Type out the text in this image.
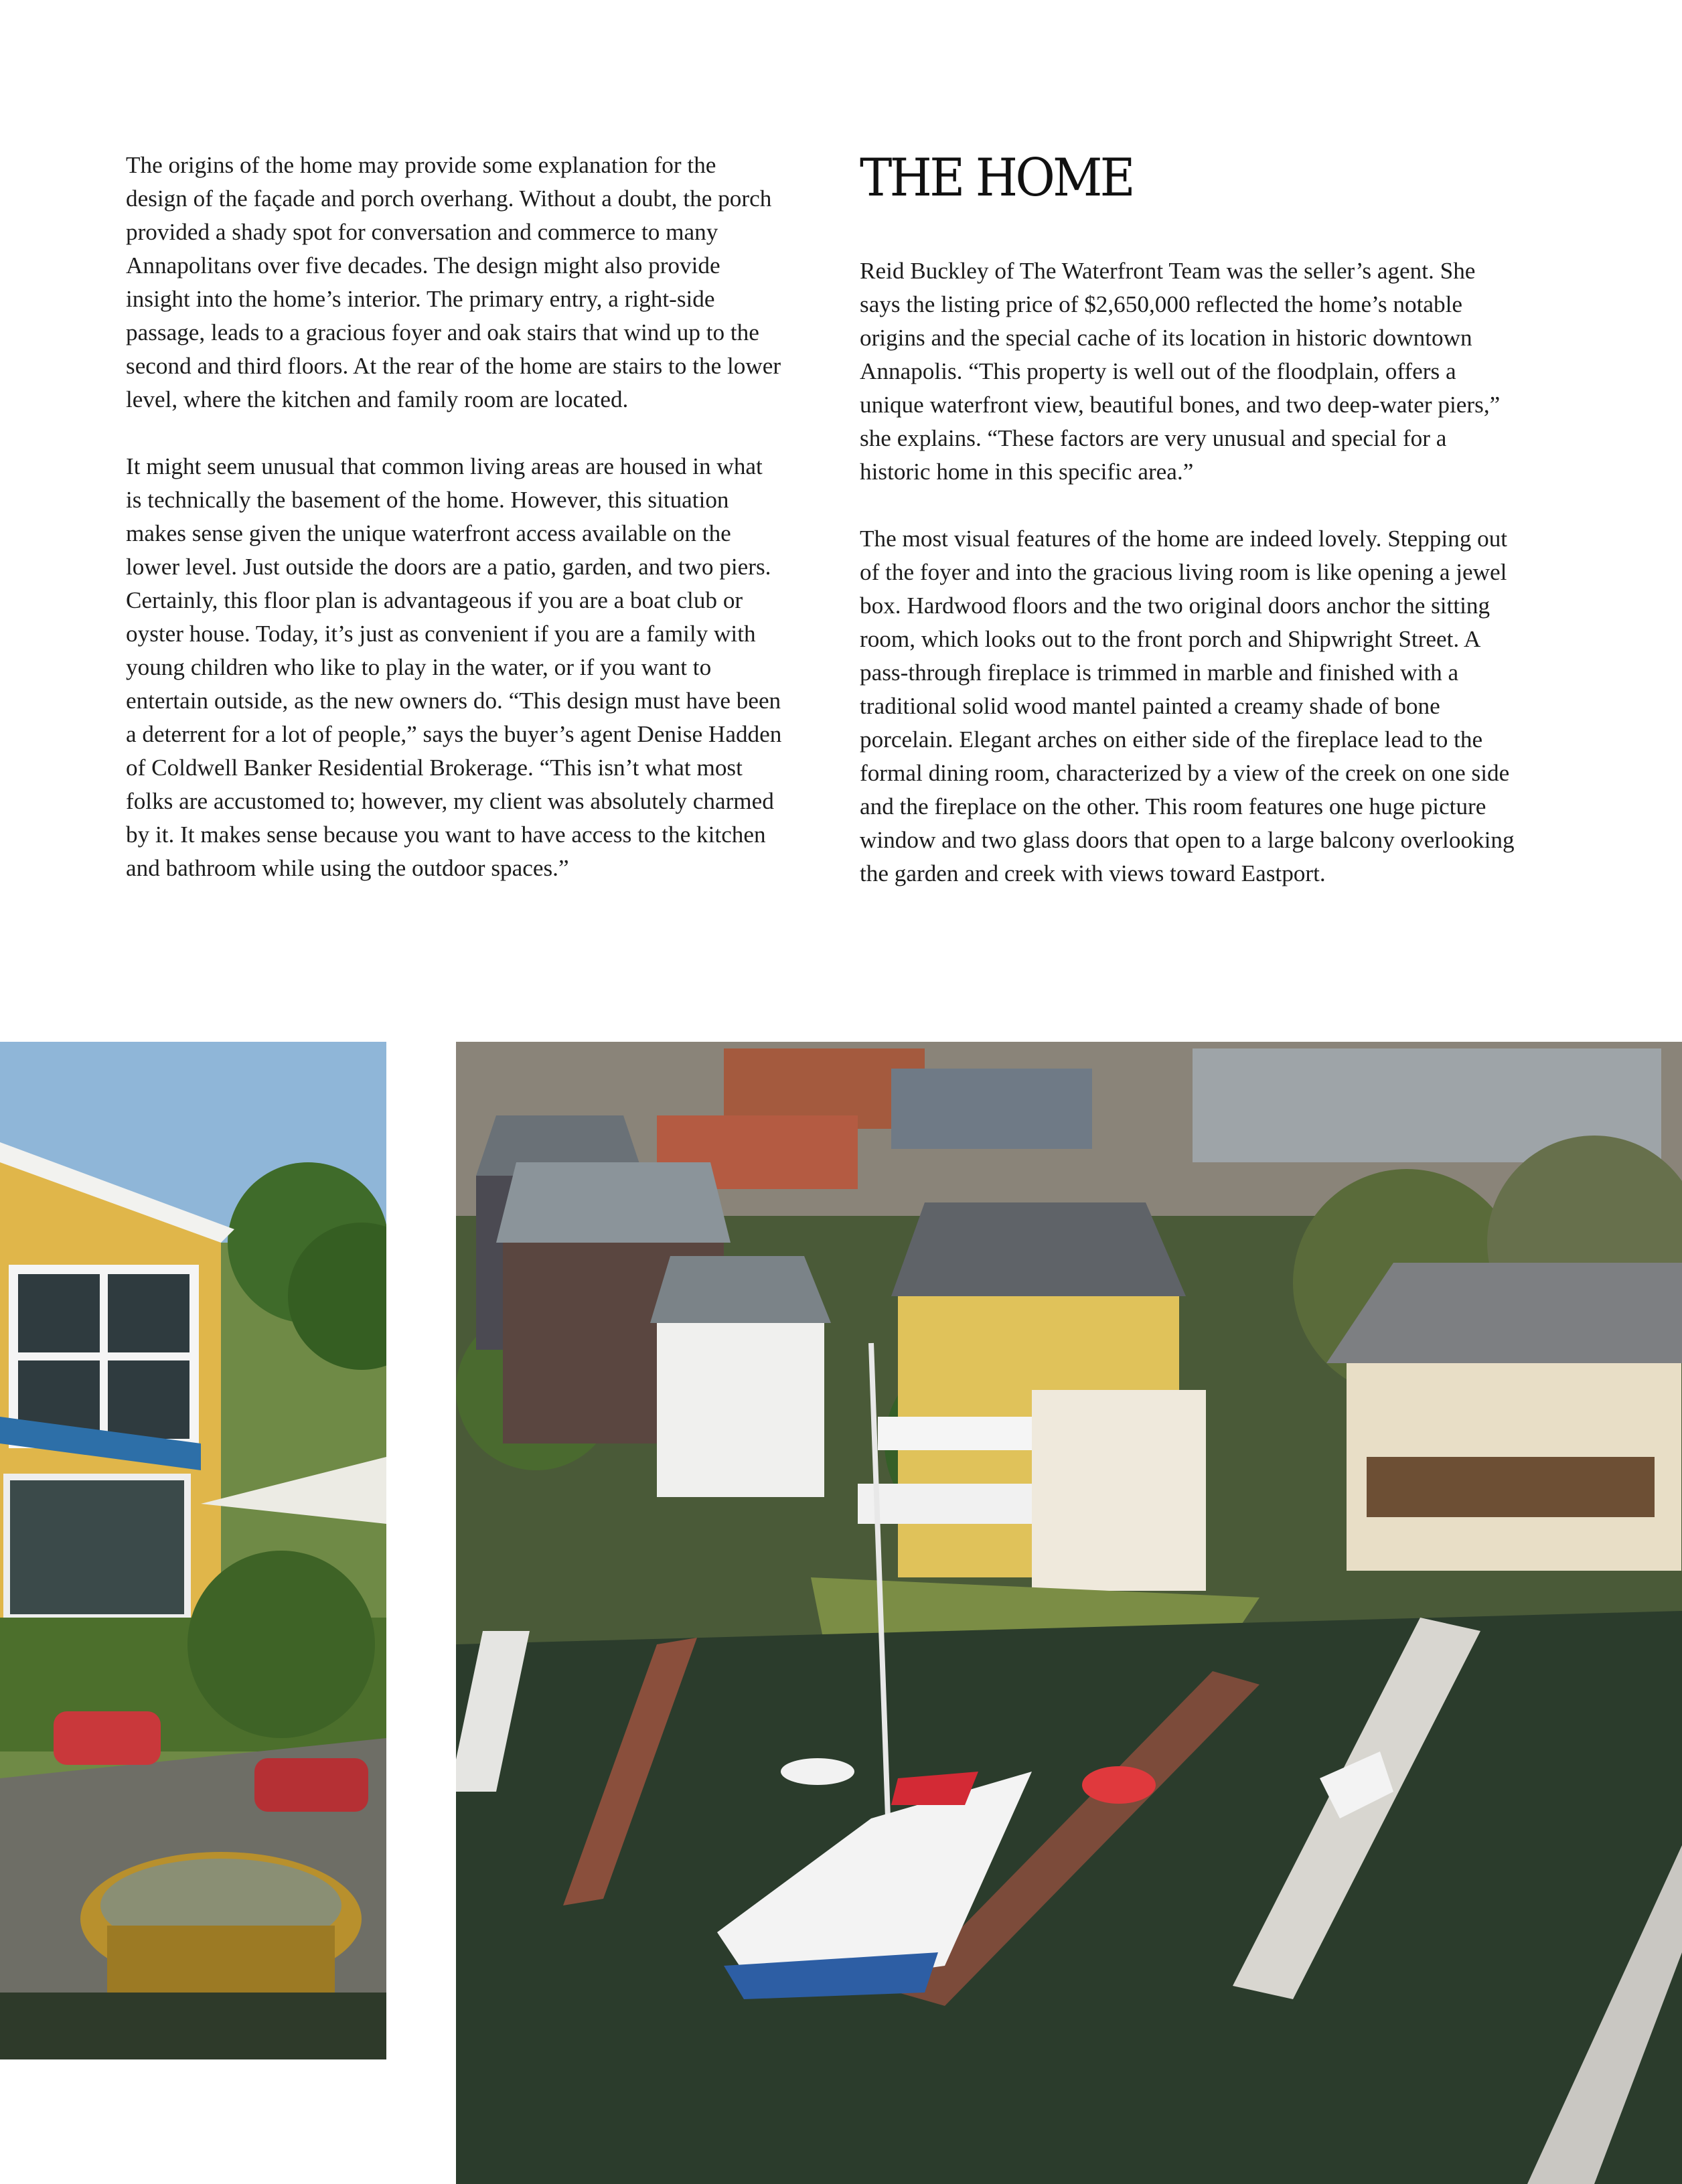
The origins of the home may provide some explanation for the design of the façade and porch overhang. Without a doubt, the porch provided a shady spot for conversation and commerce to many Annapolitans over five decades. The design might also provide insight into the home’s interior. The primary entry, a right-side passage, leads to a gracious foyer and oak stairs that wind up to the second and third floors. At the rear of the home are stairs to the lower level, where the kitchen and family room are located.

It might seem unusual that common living areas are housed in what is technically the basement of the home. However, this situation makes sense given the unique waterfront access available on the lower level. Just outside the doors are a patio, garden, and two piers. Certainly, this floor plan is advantageous if you are a boat club or oyster house. Today, it’s just as convenient if you are a family with young children who like to play in the water, or if you want to entertain outside, as the new owners do. “This design must have been a deterrent for a lot of people,” says the buyer’s agent Denise Hadden of Coldwell Banker Residential Brokerage. “This isn’t what most folks are accustomed to; however, my client was absolutely charmed by it. It makes sense because you want to have access to the kitchen and bathroom while using the outdoor spaces.”

THE HOME

Reid Buckley of The Waterfront Team was the seller’s agent. She says the listing price of $2,650,000 reflected the home’s notable origins and the special cache of its location in historic downtown Annapolis. “This property is well out of the floodplain, offers a unique waterfront view, beautiful bones, and two deep-water piers,” she explains. “These factors are very unusual and special for a historic home in this specific area.”

The most visual features of the home are indeed lovely. Stepping out of the foyer and into the gracious living room is like opening a jewel box. Hardwood floors and the two original doors anchor the sitting room, which looks out to the front porch and Shipwright Street. A pass-through fireplace is trimmed in marble and finished with a traditional solid wood mantel painted a creamy shade of bone porcelain. Elegant arches on either side of the fireplace lead to the formal dining room, characterized by a view of the creek on one side and the fireplace on the other. This room features one huge picture window and two glass doors that open to a large balcony overlooking the garden and creek with views toward Eastport.
